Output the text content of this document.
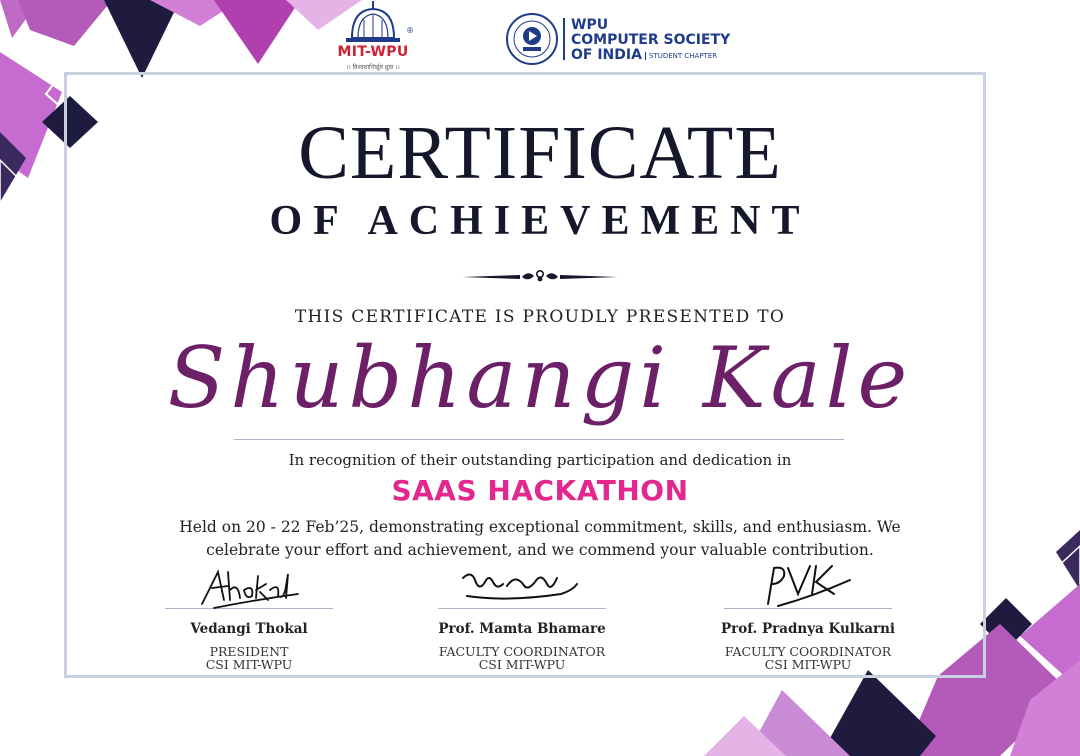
®
MIT-WPU
।। विश्वशान्तिर्ध्रुवं ध्रुवा ।।
WPU
COMPUTER SOCIETY
OF INDIA	STUDENT CHAPTER
CERTIFICATE
OF ACHIEVEMENT
THIS CERTIFICATE IS PROUDLY PRESENTED TO
Shubhangi Kale
In recognition of their outstanding participation and dedication in
SAAS HACKATHON
Held on 20 - 22 Feb’25, demonstrating exceptional commitment, skills, and enthusiasm. We celebrate your effort and achievement, and we commend your valuable contribution.
Vedangi Thokal
PRESIDENT
CSI MIT-WPU
Prof. Mamta Bhamare
FACULTY COORDINATOR
CSI MIT-WPU
Prof. Pradnya Kulkarni
FACULTY COORDINATOR
CSI MIT-WPU
